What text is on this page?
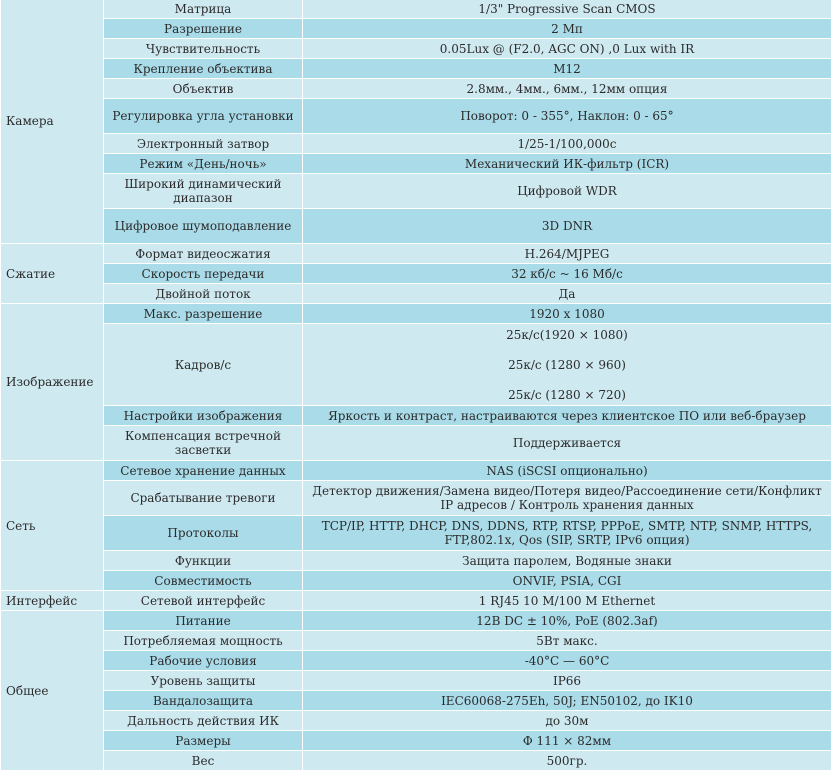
Камера	Матрица	1/3" Progressive Scan CMOS
	Разрешение	2 Мп
	Чувствительность	0.05Lux @ (F2.0, AGC ON) ,0 Lux with IR
	Крепление объектива	M12
	Объектив	2.8мм., 4мм., 6мм., 12мм опция
	Регулировка угла установки	Поворот: 0 - 355°, Наклон: 0 - 65°
	Электронный затвор	1/25-1/100,000с
	Режим «День/ночь»	Механический ИК-фильтр (ICR)
	Широкий динамический диапазон	Цифровой WDR
	Цифровое шумоподавление	3D DNR
Сжатие	Формат видеосжатия	H.264/MJPEG
	Скорость передачи	32 кб/с ~ 16 Мб/с
	Двойной поток	Да
Изображение	Макс. разрешение	1920 x 1080
	Кадров/с	25к/с(1920 × 1080)
25к/с (1280 × 960)
25к/с (1280 × 720)

	Настройки изображения	Яркость и контраст, настраиваются через клиентское ПО или веб-браузер
	Компенсация встречной засветки	Поддерживается
Сеть	Сетевое хранение данных	NAS (iSCSI опционально)
	Срабатывание тревоги	Детектор движения/Замена видео/Потеря видео/Рассоединение сети/Конфликт IP адресов / Контроль хранения данных
	Протоколы	TCP/IP, HTTP, DHCP, DNS, DDNS, RTP, RTSP, PPPoE, SMTP, NTP, SNMP, HTTPS, FTP,802.1x, Qos (SIP, SRTP, IPv6 опция)
	Функции	Защита паролем, Водяные знаки
	Совместимость	ONVIF, PSIA, CGI
Интерфейс	Сетевой интерфейс	1 RJ45 10 M/100 M Ethernet
Общее	Питание	12В DC ± 10%, PoE (802.3af)
	Потребляемая мощность	5Вт макс.
	Рабочие условия	-40°C — 60°C
	Уровень защиты	IP66
	Вандалозащита	IEC60068-275Eh, 50J; EN50102, до IK10
	Дальность действия ИК	до 30м
	Размеры	Φ 111 × 82мм
	Вес	500гр.
